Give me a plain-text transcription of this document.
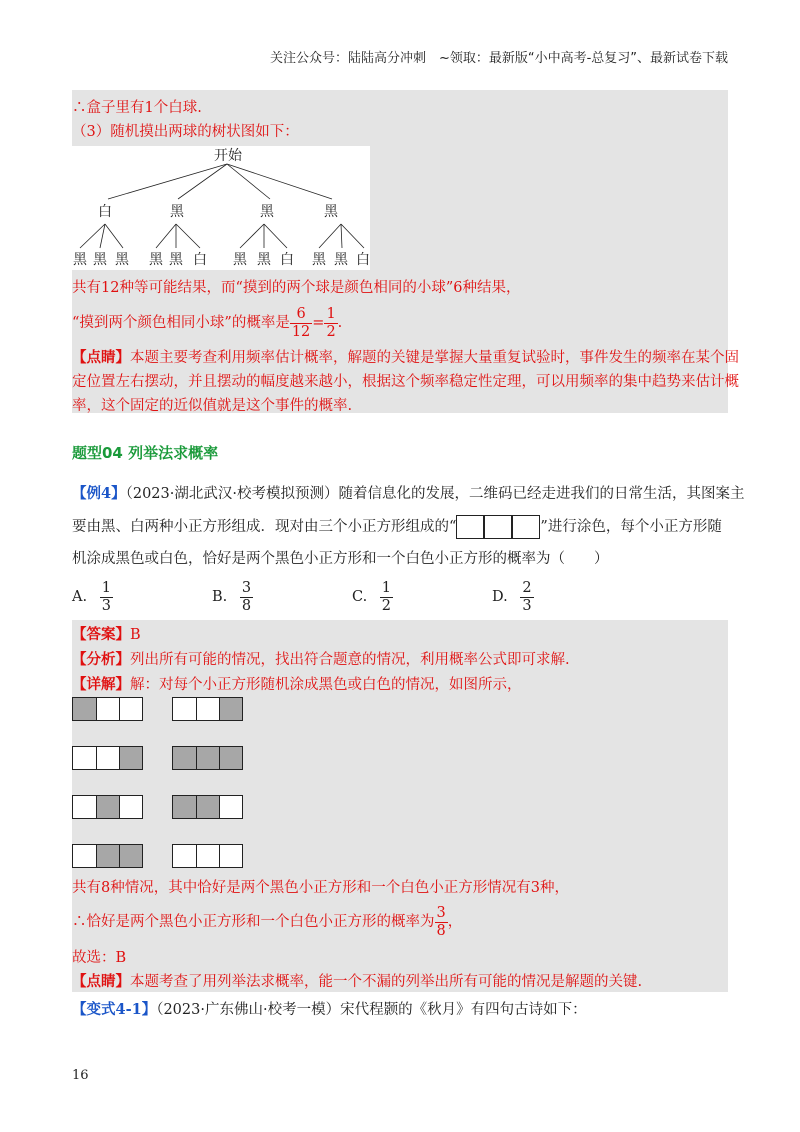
关注公众号：陆陆高分冲刺　~领取：最新版“小中高考-总复习”、最新试卷下载
∴盒子里有1个白球.
（3）随机摸出两球的树状图如下：
开始
白	黑	黑	黑
黑 黑 黑 黑 黑 白 黑 黑 白 黑 黑 白
共有12种等可能结果，而“摸到的两个球是颜色相同的小球”6种结果，
“摸到两个颜色相同小球”的概率是 $\frac{6}{12} = \frac{1}{2}$ .
【点睛】本题主要考查利用频率估计概率，解题的关键是掌握大量重复试验时，事件发生的频率在某个固
定位置左右摆动，并且摆动的幅度越来越小，根据这个频率稳定性定理，可以用频率的集中趋势来估计概
率，这个固定的近似值就是这个事件的概率.
题型04 列举法求概率
【例4】（2023·湖北武汉·校考模拟预测）随着信息化的发展，二维码已经走进我们的日常生活，其图案主
要由黑、白两种小正方形组成．现对由三个小正方形组成的“	”进行涂色，每个小正方形随
机涂成黑色或白色，恰好是两个黑色小正方形和一个白色小正方形的概率为（　　）
A. $\frac{1}{3}$	B. $\frac{3}{8}$	C. $\frac{1}{2}$	D. $\frac{2}{3}$
【答案】B
【分析】列出所有可能的情况，找出符合题意的情况，利用概率公式即可求解.
【详解】解：对每个小正方形随机涂成黑色或白色的情况，如图所示，
共有8种情况，其中恰好是两个黑色小正方形和一个白色小正方形情况有3种，
∴恰好是两个黑色小正方形和一个白色小正方形的概率为 $\frac{3}{8}$ ，
故选：B
【点睛】本题考查了用列举法求概率，能一个不漏的列举出所有可能的情况是解题的关键.
【变式4-1】（2023·广东佛山·校考一模）宋代程颢的《秋月》有四句古诗如下：
16
